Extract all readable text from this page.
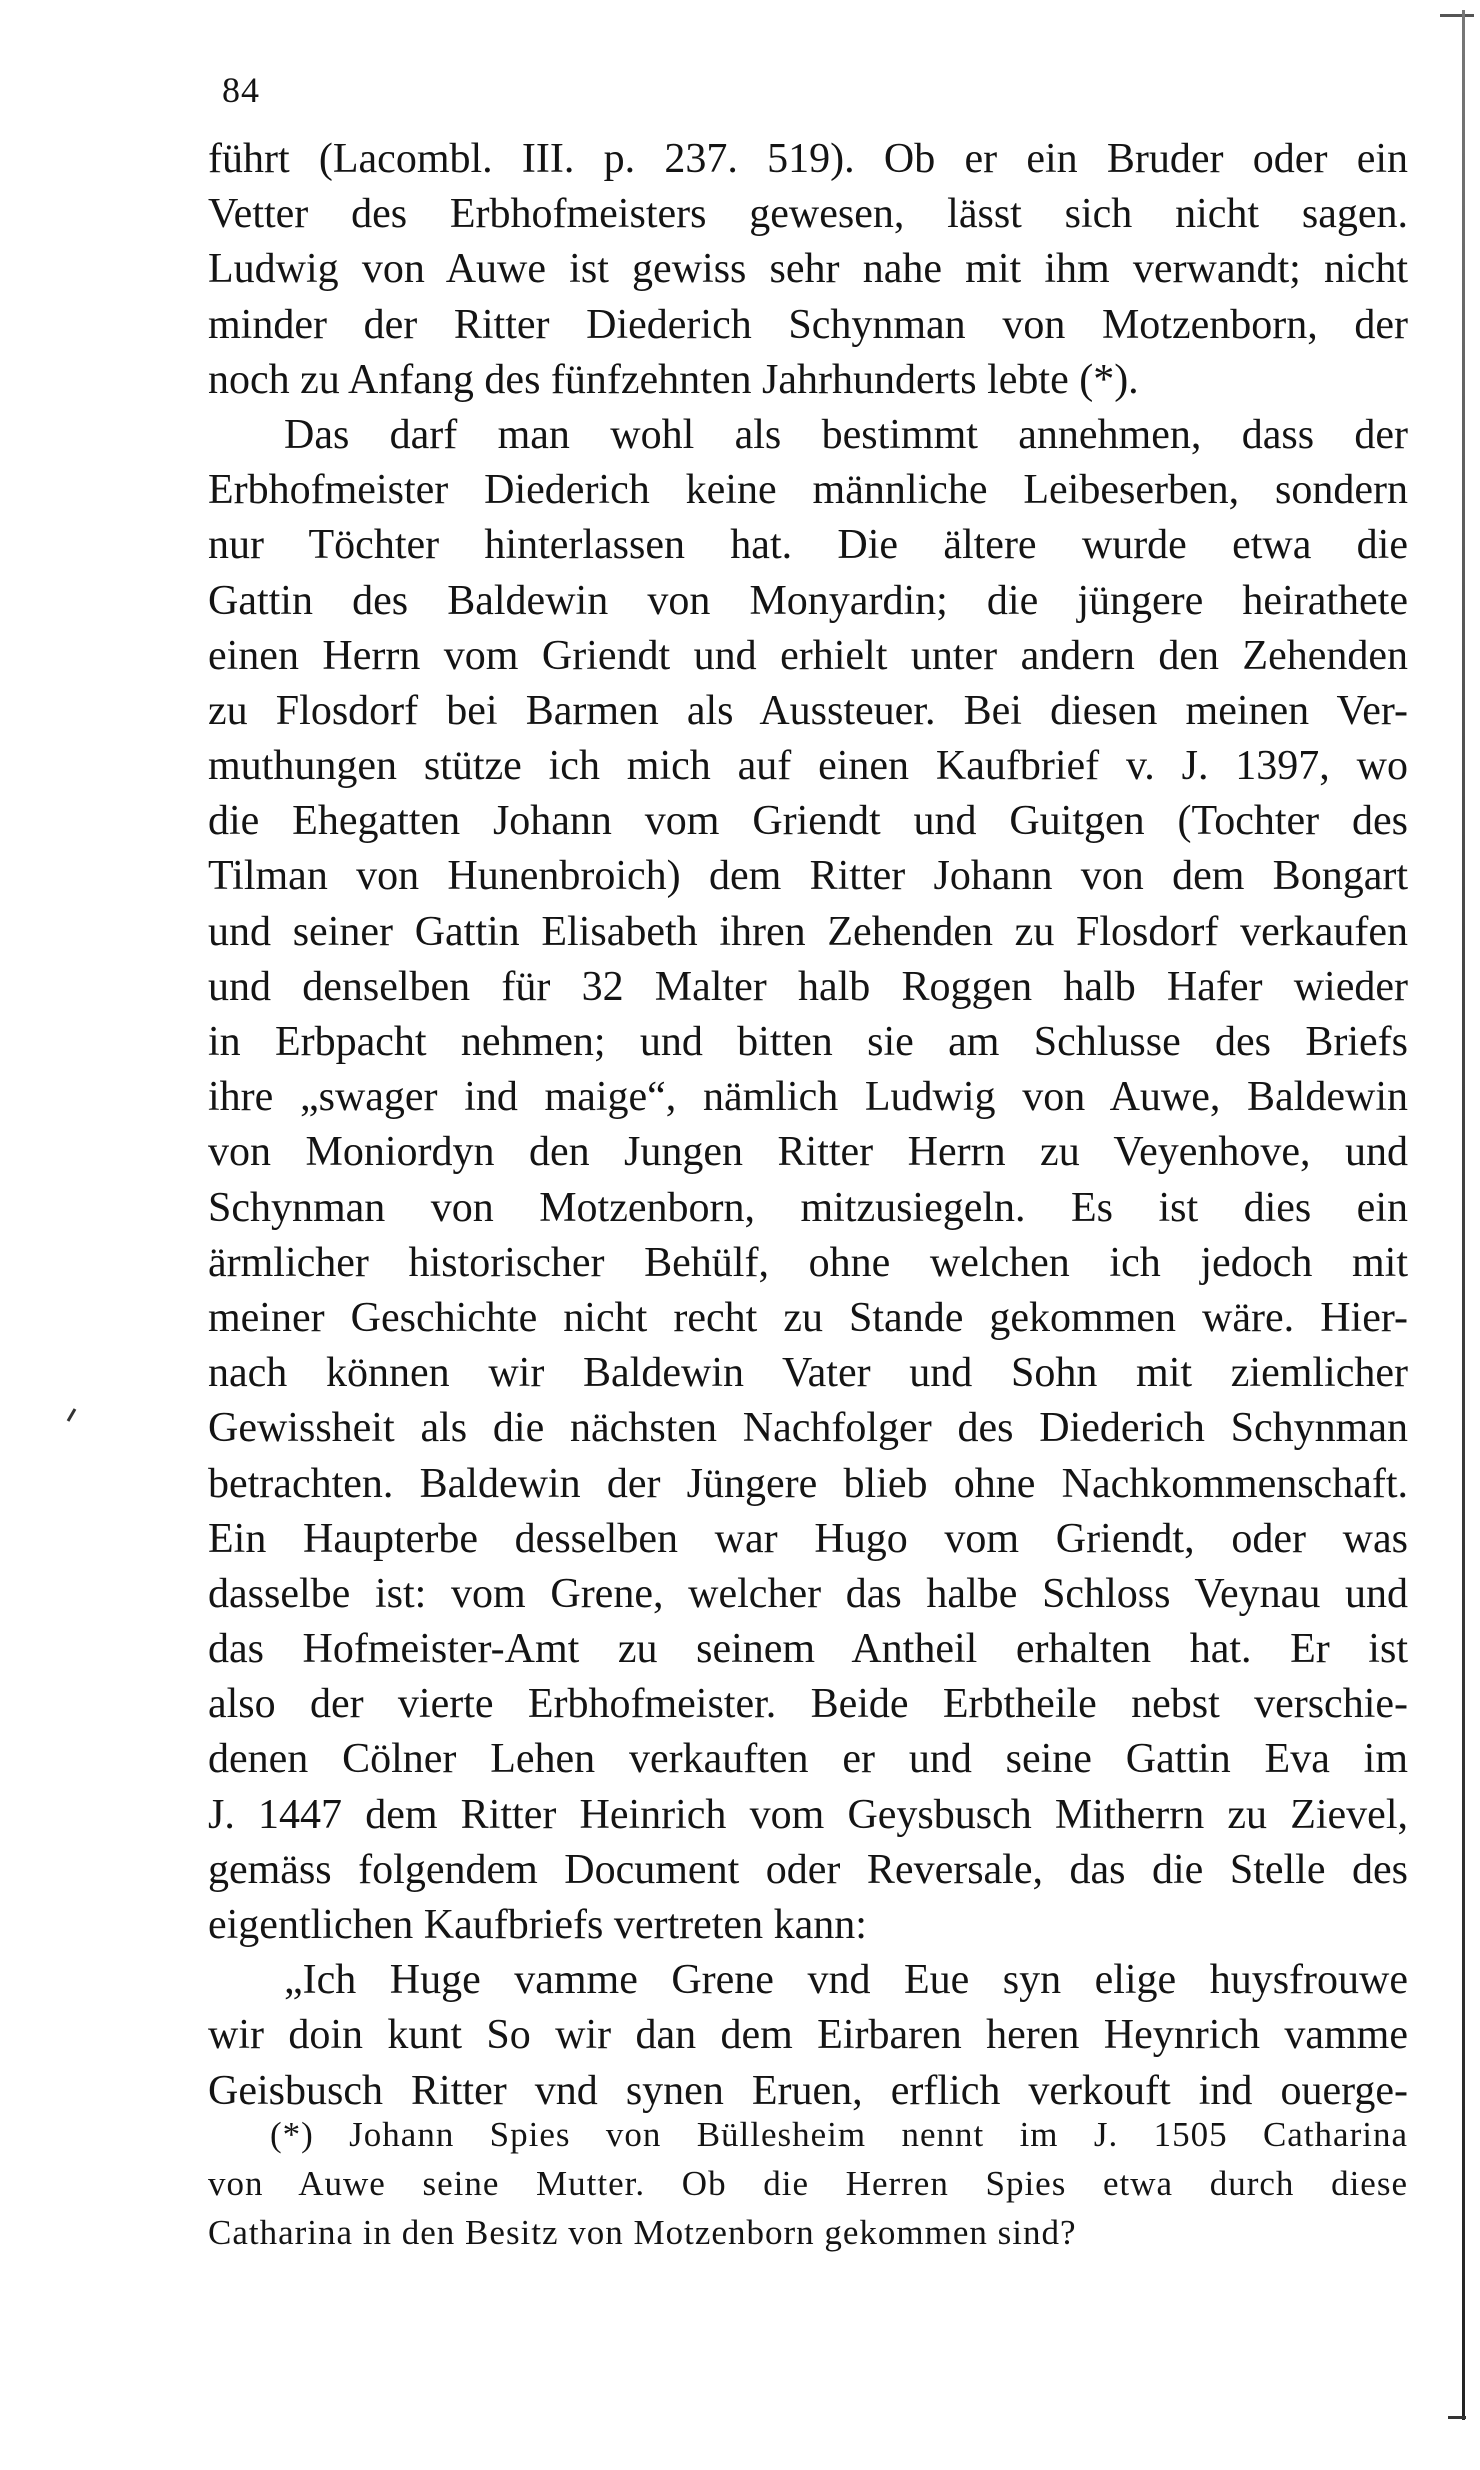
84
führt (Lacombl. III. p. 237. 519). Ob er ein Bruder oder ein
Vetter des Erbhofmeisters gewesen, lässt sich nicht sagen.
Ludwig von Auwe ist gewiss sehr nahe mit ihm verwandt; nicht
minder der Ritter Diederich Schynman von Motzenborn, der
noch zu Anfang des fünfzehnten Jahrhunderts lebte (*).
Das darf man wohl als bestimmt annehmen, dass der
Erbhofmeister Diederich keine männliche Leibeserben, sondern
nur Töchter hinterlassen hat. Die ältere wurde etwa die
Gattin des Baldewin von Monyardin; die jüngere heirathete
einen Herrn vom Griendt und erhielt unter andern den Zehenden
zu Flosdorf bei Barmen als Aussteuer. Bei diesen meinen Ver-
muthungen stütze ich mich auf einen Kaufbrief v. J. 1397, wo
die Ehegatten Johann vom Griendt und Guitgen (Tochter des
Tilman von Hunenbroich) dem Ritter Johann von dem Bongart
und seiner Gattin Elisabeth ihren Zehenden zu Flosdorf verkaufen
und denselben für 32 Malter halb Roggen halb Hafer wieder
in Erbpacht nehmen; und bitten sie am Schlusse des Briefs
ihre „swager ind maige“, nämlich Ludwig von Auwe, Baldewin
von Moniordyn den Jungen Ritter Herrn zu Veyenhove, und
Schynman von Motzenborn, mitzusiegeln. Es ist dies ein
ärmlicher historischer Behülf, ohne welchen ich jedoch mit
meiner Geschichte nicht recht zu Stande gekommen wäre. Hier-
nach können wir Baldewin Vater und Sohn mit ziemlicher
Gewissheit als die nächsten Nachfolger des Diederich Schynman
betrachten. Baldewin der Jüngere blieb ohne Nachkommenschaft.
Ein Haupterbe desselben war Hugo vom Griendt, oder was
dasselbe ist: vom Grene, welcher das halbe Schloss Veynau und
das Hofmeister-Amt zu seinem Antheil erhalten hat. Er ist
also der vierte Erbhofmeister. Beide Erbtheile nebst verschie-
denen Cölner Lehen verkauften er und seine Gattin Eva im
J. 1447 dem Ritter Heinrich vom Geysbusch Mitherrn zu Zievel,
gemäss folgendem Document oder Reversale, das die Stelle des
eigentlichen Kaufbriefs vertreten kann:
„Ich Huge vamme Grene vnd Eue syn elige huysfrouwe
wir doin kunt So wir dan dem Eirbaren heren Heynrich vamme
Geisbusch Ritter vnd synen Eruen, erflich verkouft ind ouerge-
(*) Johann Spies von Büllesheim nennt im J. 1505 Catharina
von Auwe seine Mutter. Ob die Herren Spies etwa durch diese
Catharina in den Besitz von Motzenborn gekommen sind?
